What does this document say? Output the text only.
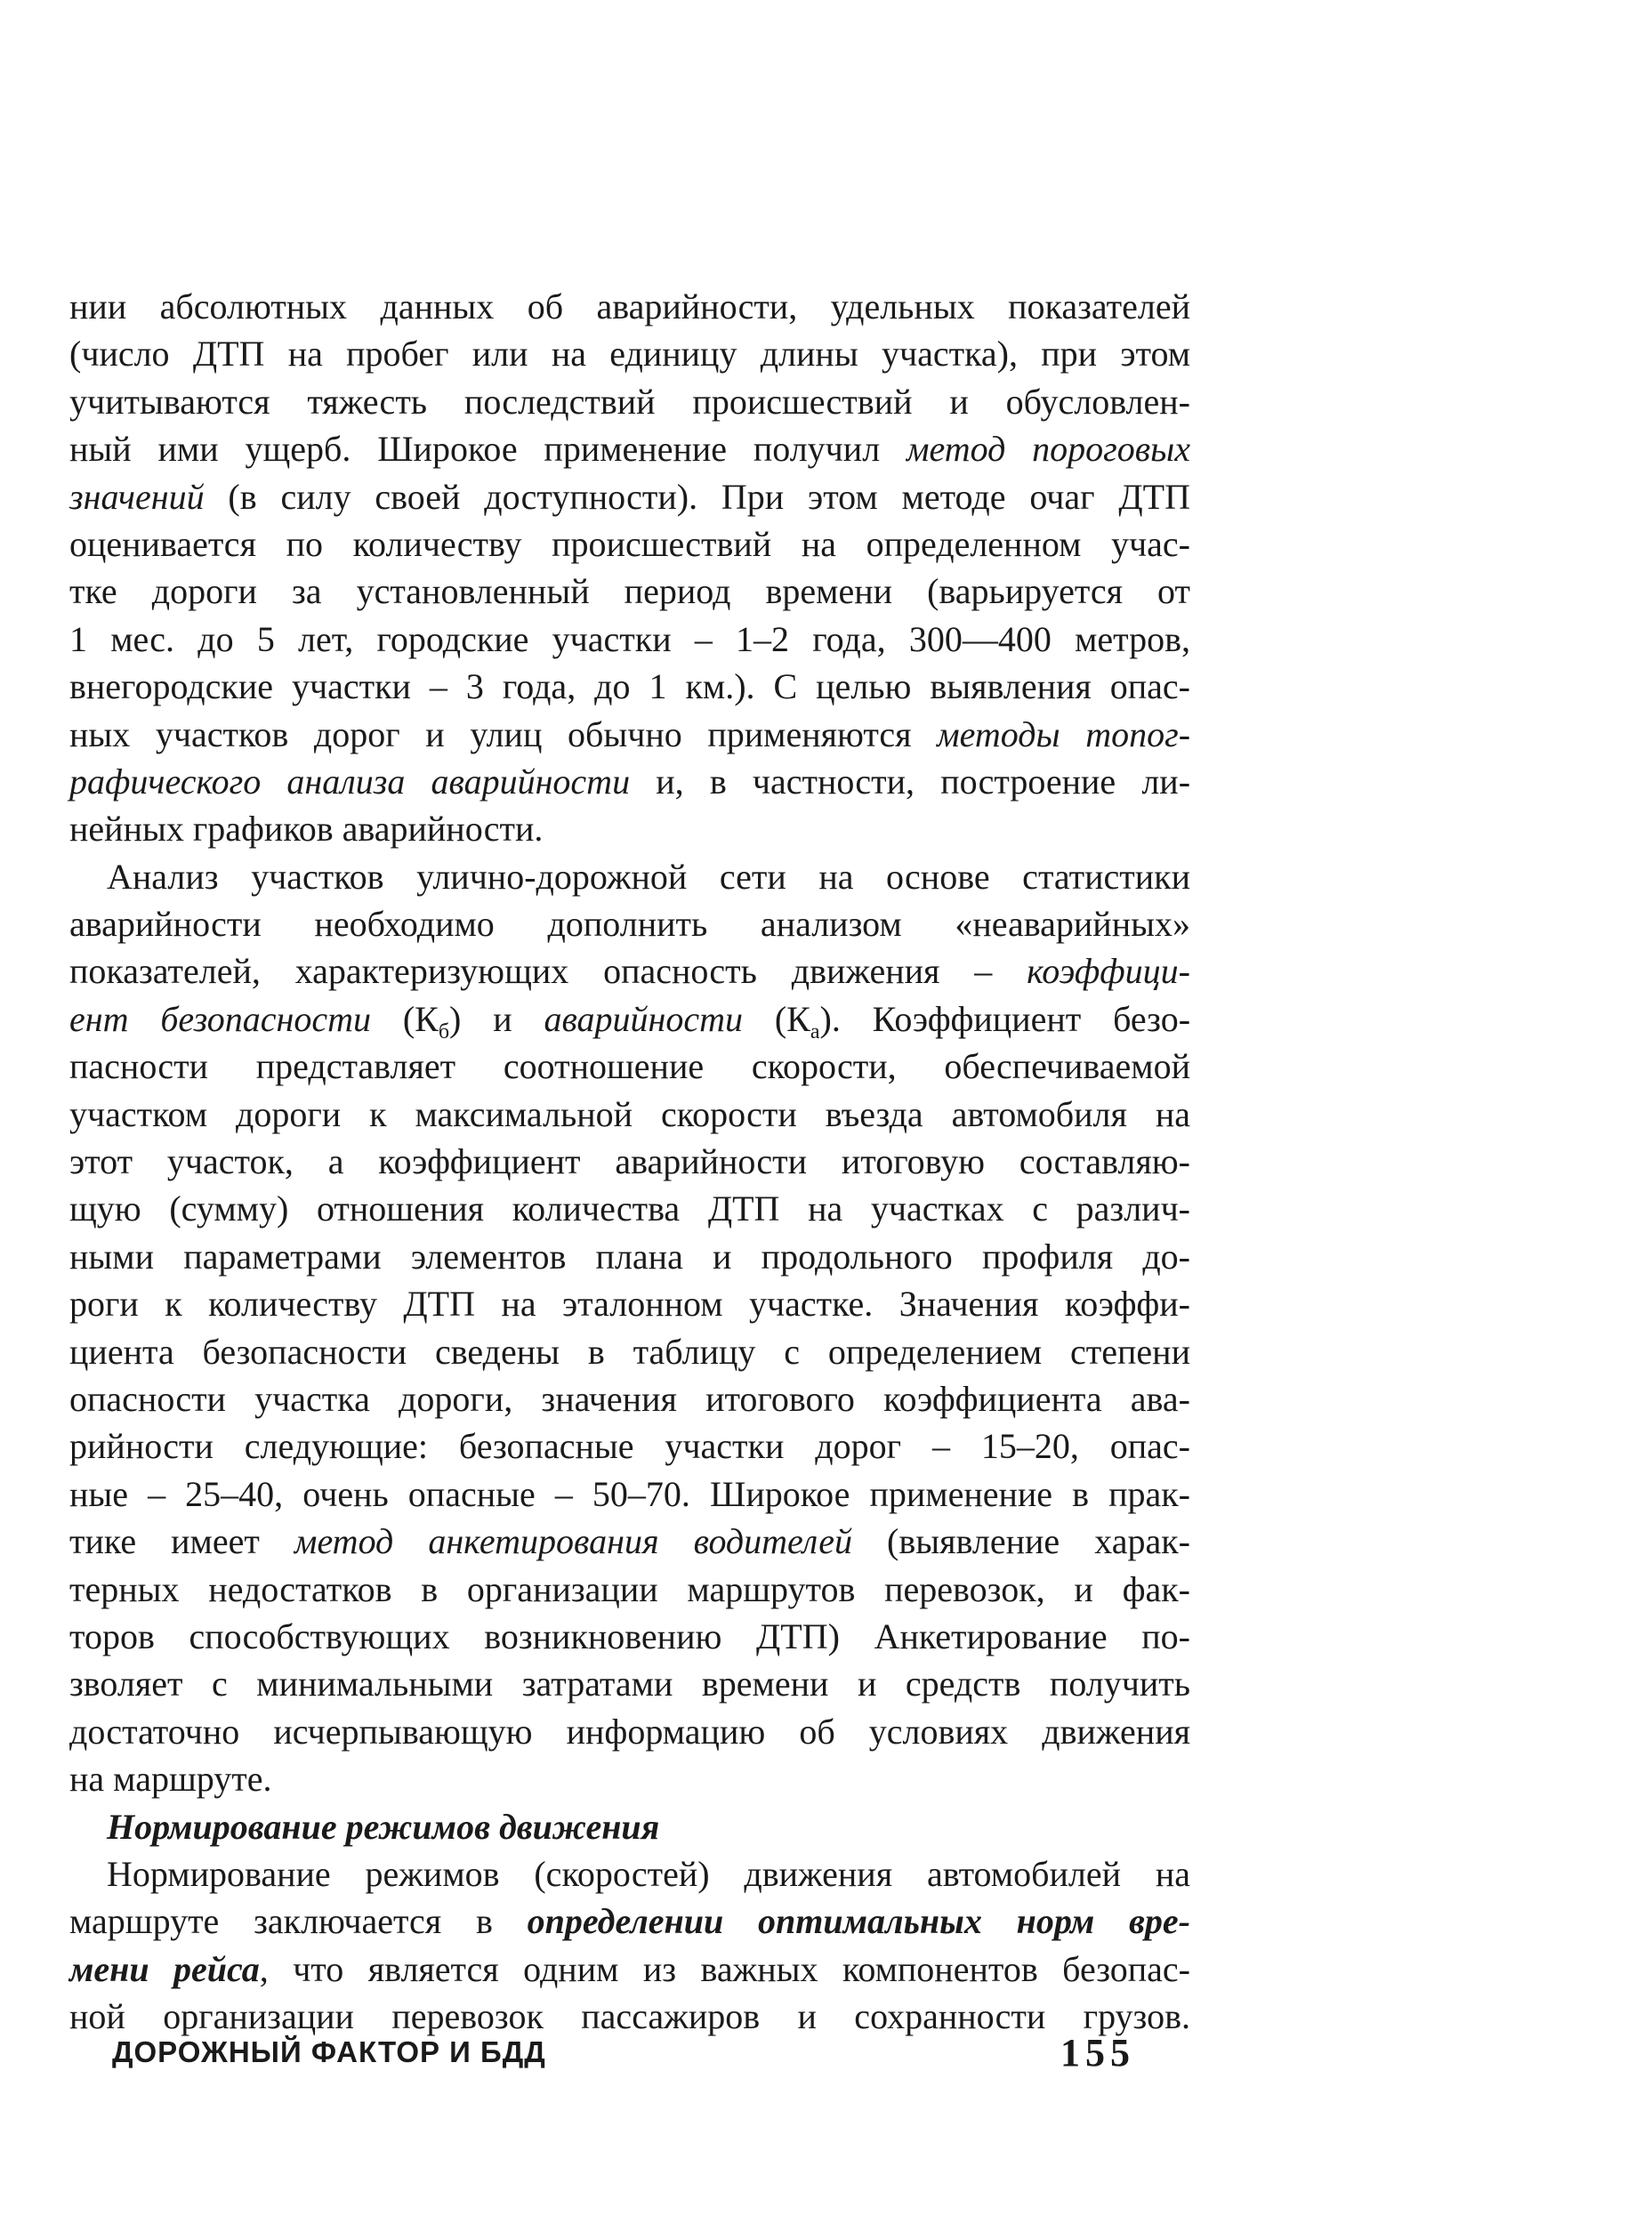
нии абсолютных данных об аварийности, удельных показателей
(число ДТП на пробег или на единицу длины участка), при этом
учитываются тяжесть последствий происшествий и обусловлен-
ный ими ущерб. Широкое применение получил метод пороговых
значений (в силу своей доступности). При этом методе очаг ДТП
оценивается по количеству происшествий на определенном учас-
тке дороги за установленный период времени (варьируется от
1 мес. до 5 лет, городские участки – 1–2 года, 300—400 метров,
внегородские участки – 3 года, до 1 км.). С целью выявления опас-
ных участков дорог и улиц обычно применяются методы топог-
рафического анализа аварийности и, в частности, построение ли-
нейных графиков аварийности.
Анализ участков улично-дорожной сети на основе статистики
аварийности необходимо дополнить анализом «неаварийных»
показателей, характеризующих опасность движения – коэффици-
ент безопасности $(К_б)$ и аварийности $(К_а)$. Коэффициент безо-
пасности представляет соотношение скорости, обеспечиваемой
участком дороги к максимальной скорости въезда автомобиля на
этот участок, а коэффициент аварийности итоговую составляю-
щую (сумму) отношения количества ДТП на участках с различ-
ными параметрами элементов плана и продольного профиля до-
роги к количеству ДТП на эталонном участке. Значения коэффи-
циента безопасности сведены в таблицу с определением степени
опасности участка дороги, значения итогового коэффициента ава-
рийности следующие: безопасные участки дорог – 15–20, опас-
ные – 25–40, очень опасные – 50–70. Широкое применение в прак-
тике имеет метод анкетирования водителей (выявление харак-
терных недостатков в организации маршрутов перевозок, и фак-
торов способствующих возникновению ДТП) Анкетирование по-
зволяет с минимальными затратами времени и средств получить
достаточно исчерпывающую информацию об условиях движения
на маршруте.
Нормирование режимов движения
Нормирование режимов (скоростей) движения автомобилей на
маршруте заключается в определении оптимальных норм вре-
мени рейса, что является одним из важных компонентов безопас-
ной организации перевозок пассажиров и сохранности грузов.
ДОРОЖНЫЙ ФАКТОР И БДД	155
